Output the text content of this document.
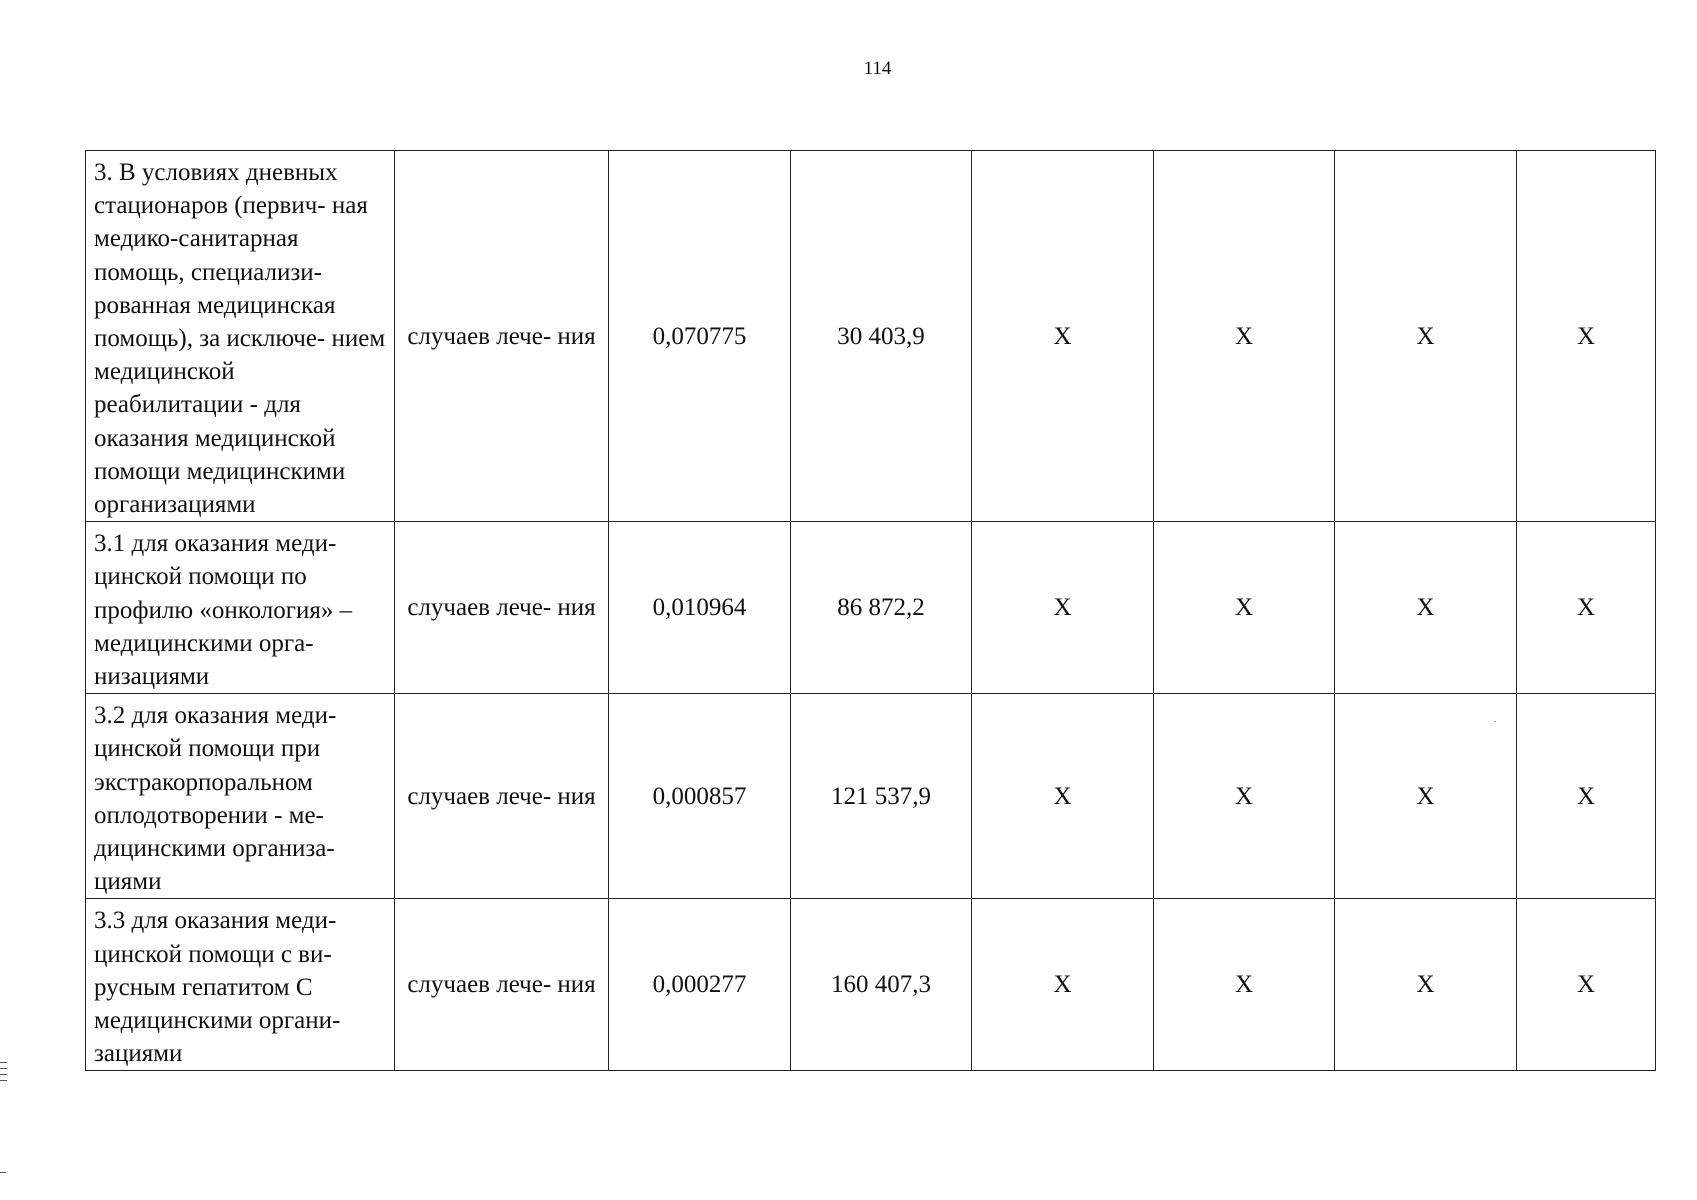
114
3. В условиях дневных стационаров (первич- ная медико-санитарная помощь, специализи- рованная медицинская помощь), за исключе- нием медицинской реабилитации - для оказания медицинской помощи медицинскими организациями	случаев лече- ния	0,070775	30 403,9	Х	Х	Х	Х
3.1 для оказания меди- цинской помощи по профилю «онкология» – медицинскими орга- низациями	случаев лече- ния	0,010964	86 872,2	Х	Х	Х	Х
3.2 для оказания меди- цинской помощи при экстракорпоральном оплодотворении - ме- дицинскими организа- циями	случаев лече- ния	0,000857	121 537,9	Х	Х	Х	Х
3.3 для оказания меди- цинской помощи с ви- русным гепатитом С медицинскими органи- зациями	случаев лече- ния	0,000277	160 407,3	Х	Х	Х	Х
